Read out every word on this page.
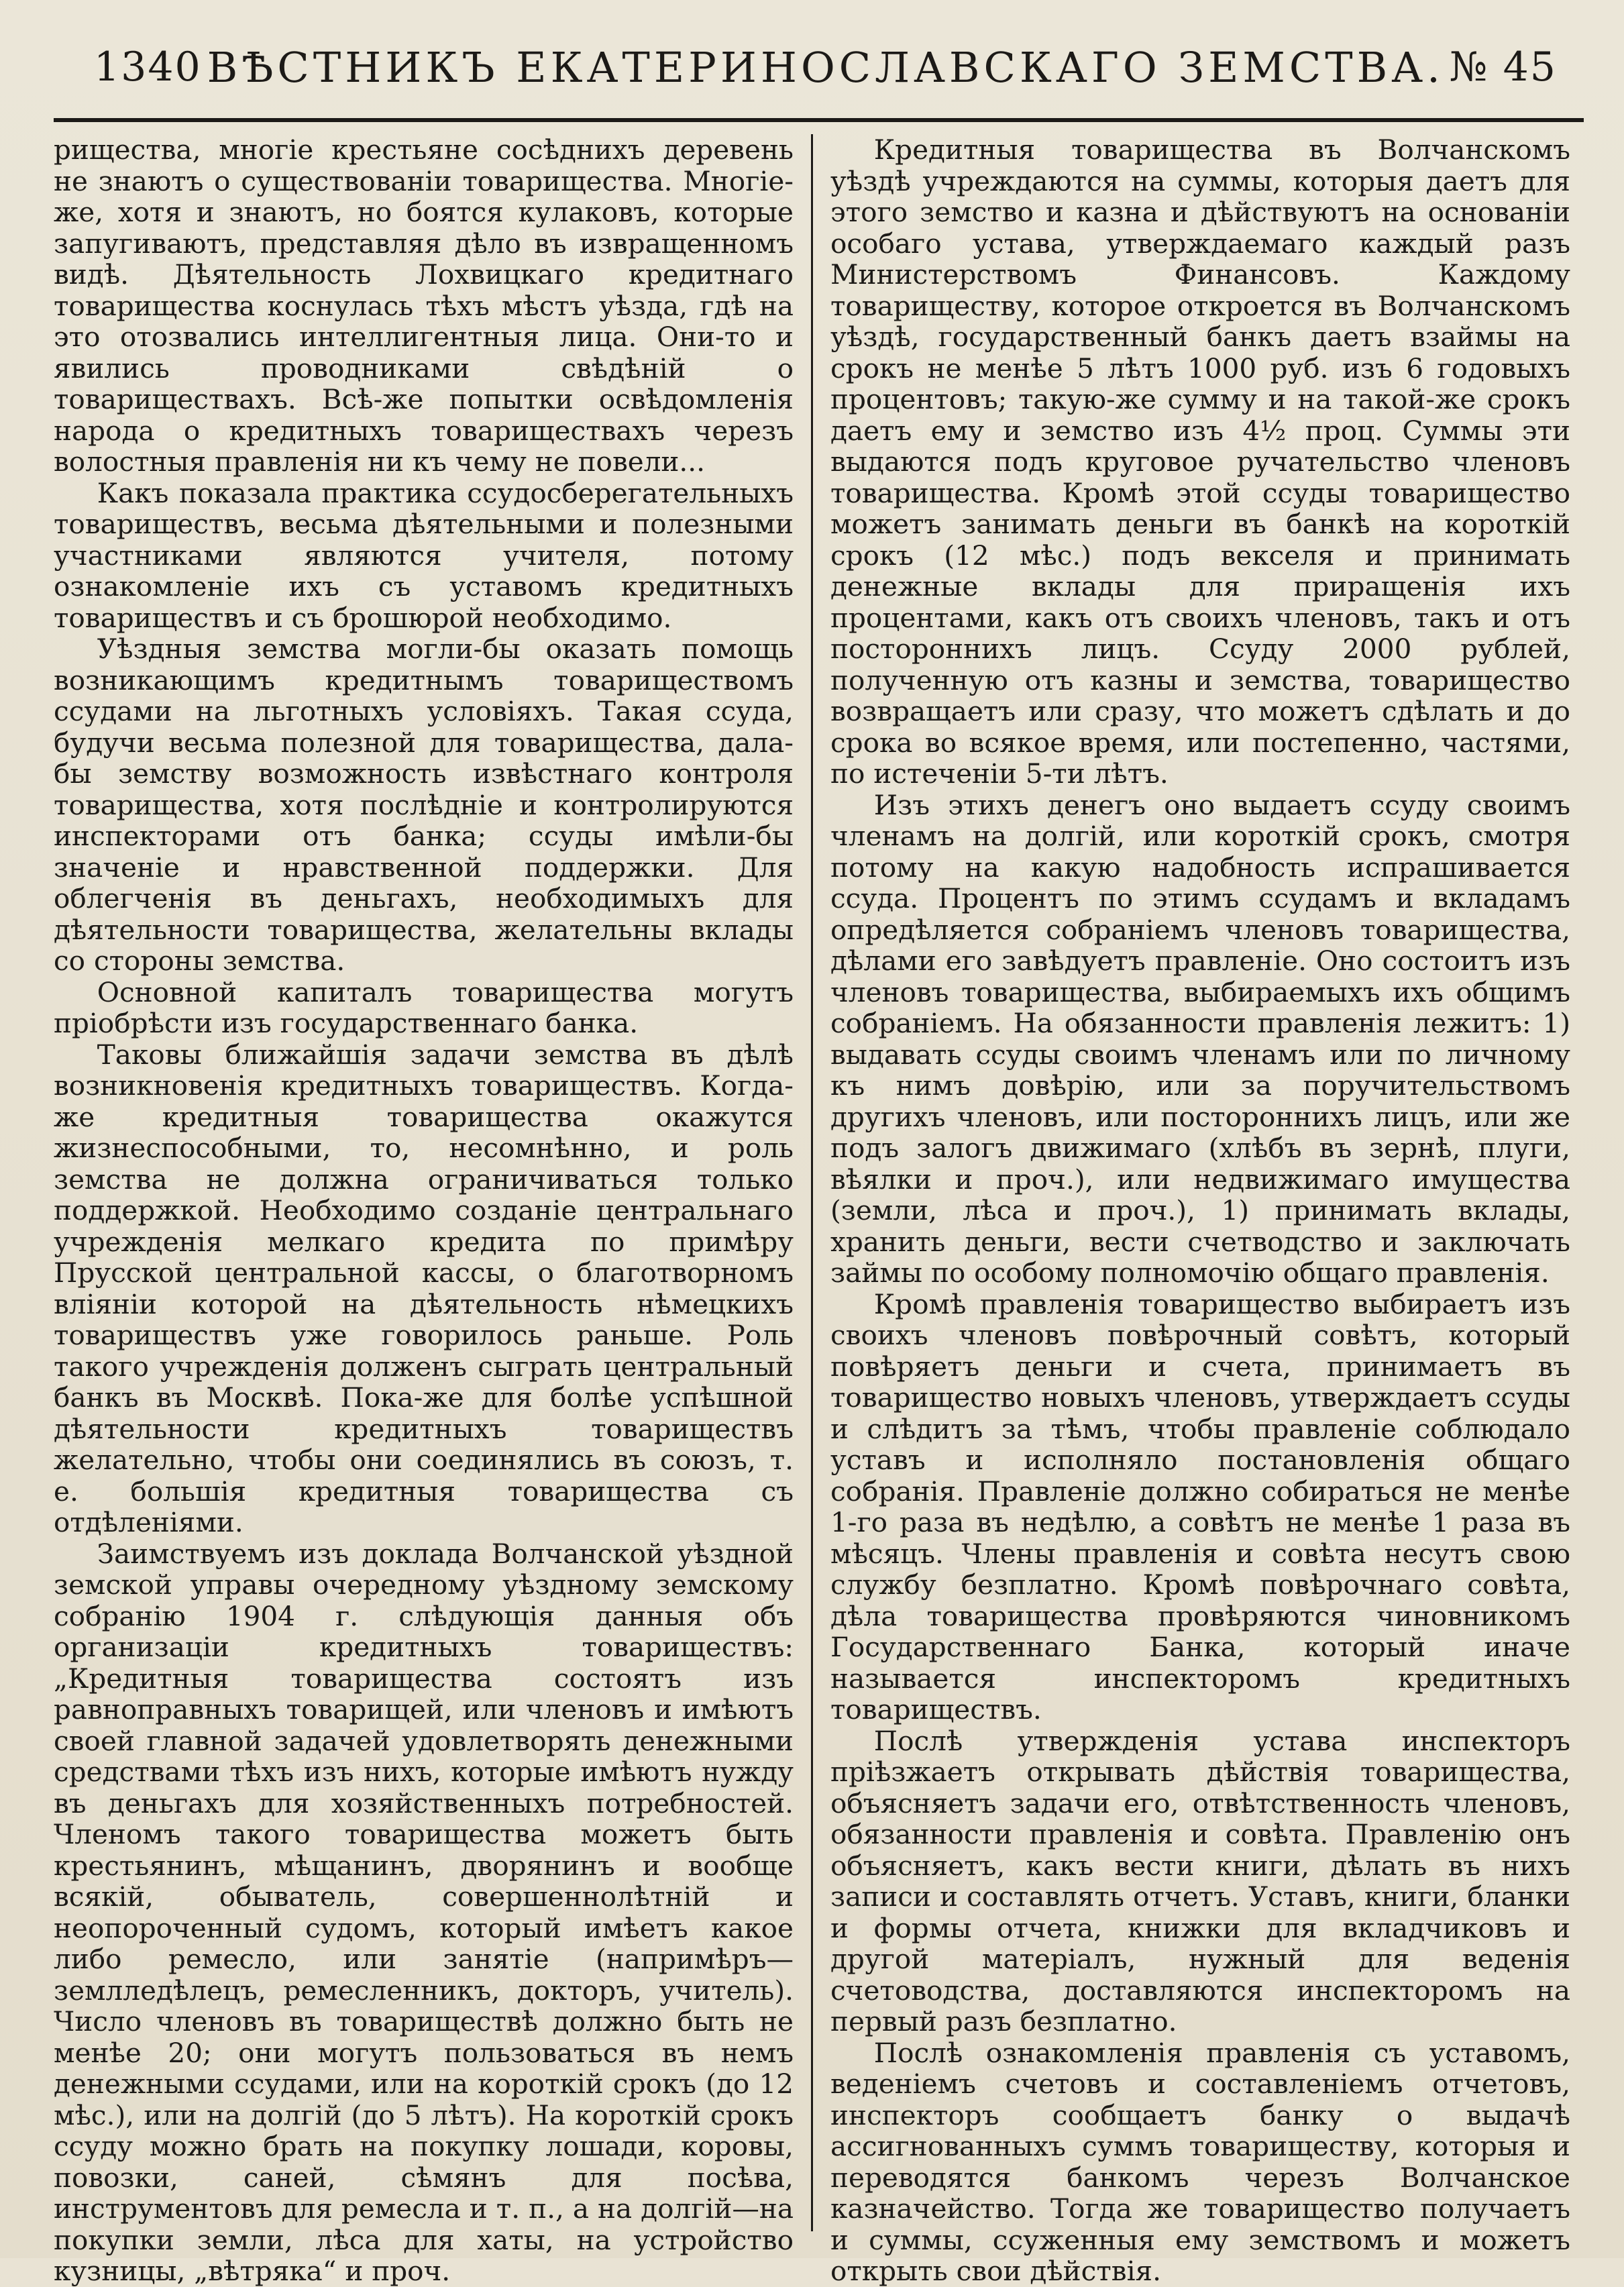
1340 ВѢСТНИКЪ ЕКАТЕРИНОСЛАВСКАГО ЗЕМСТВА. № 45

рищества, многіе крестьяне сосѣднихъ деревень не знаютъ о существованіи товарищества. Многіе-же, хотя и знаютъ, но боятся кулаковъ, которые запугиваютъ, представляя дѣло въ извращенномъ видѣ. Дѣятельность Лохвицкаго кредитнаго товарищества коснулась тѣхъ мѣстъ уѣзда, гдѣ на это отозвались интеллигентныя лица. Они-то и явились проводниками свѣдѣній о товариществахъ. Всѣ-же попытки освѣдомленія народа о кредитныхъ товариществахъ черезъ волостныя правленія ни къ чему не повели...

Какъ показала практика ссудосберегательныхъ товариществъ, весьма дѣятельными и полезными участниками являются учителя, потому ознакомленіе ихъ съ уставомъ кредитныхъ товариществъ и съ брошюрой необходимо.

Уѣздныя земства могли-бы оказать помощь возникающимъ кредитнымъ товариществомъ ссудами на льготныхъ условіяхъ. Такая ссуда, будучи весьма полезной для товарищества, дала-бы земству возможность извѣстнаго контроля товарищества, хотя послѣдніе и контролируются инспекторами отъ банка; ссуды имѣли-бы значеніе и нравственной поддержки. Для облегченія въ деньгахъ, необходимыхъ для дѣятельности товарищества, желательны вклады со стороны земства.

Основной капиталъ товарищества могутъ пріобрѣсти изъ государственнаго банка.

Таковы ближайшія задачи земства въ дѣлѣ возникновенія кредитныхъ товариществъ. Когда-же кредитныя товарищества окажутся жизнеспособными, то, несомнѣнно, и роль земства не должна ограничиваться только поддержкой. Необходимо созданіе центральнаго учрежденія мелкаго кредита по примѣру Прусской центральной кассы, о благотворномъ вліяніи которой на дѣятельность нѣмецкихъ товариществъ уже говорилось раньше. Роль такого учрежденія долженъ сыграть центральный банкъ въ Москвѣ. Пока-же для болѣе успѣшной дѣятельности кредитныхъ товариществъ желательно, чтобы они соединялись въ союзъ, т. е. большія кредитныя товарищества съ отдѣленіями.

Заимствуемъ изъ доклада Волчанской уѣздной земской управы очередному уѣздному земскому собранію 1904 г. слѣдующія данныя объ организаціи кредитныхъ товариществъ: „Кредитныя товарищества состоятъ изъ равноправныхъ товарищей, или членовъ и имѣютъ своей главной задачей удовлетворять денежными средствами тѣхъ изъ нихъ, которые имѣютъ нужду въ деньгахъ для хозяйственныхъ потребностей. Членомъ такого товарищества можетъ быть крестьянинъ, мѣщанинъ, дворянинъ и вообще всякій, обыватель, совершеннолѣтній и неопороченный судомъ, который имѣетъ какое либо ремесло, или занятіе (напримѣръ—землледѣлецъ, ремесленникъ, докторъ, учитель). Число членовъ въ товариществѣ должно быть не менѣе 20; они могутъ пользоваться въ немъ денежными ссудами, или на короткій срокъ (до 12 мѣс.), или на долгій (до 5 лѣтъ). На короткій срокъ ссуду можно брать на покупку лошади, коровы, повозки, саней, сѣмянъ для посѣва, инструментовъ для ремесла и т. п., а на долгій—на покупки земли, лѣса для хаты, на устройство кузницы, „вѣтряка“ и проч.

Кредитныя товарищества въ Волчанскомъ уѣздѣ учреждаются на суммы, которыя даетъ для этого земство и казна и дѣйствуютъ на основаніи особаго устава, утверждаемаго каждый разъ Министерствомъ Финансовъ. Каждому товариществу, которое откроется въ Волчанскомъ уѣздѣ, государственный банкъ даетъ взаймы на срокъ не менѣе 5 лѣтъ 1000 руб. изъ 6 годовыхъ процентовъ; такую-же сумму и на такой-же срокъ даетъ ему и земство изъ 4½ проц. Суммы эти выдаются подъ круговое ручательство членовъ товарищества. Кромѣ этой ссуды товарищество можетъ занимать деньги въ банкѣ на короткій срокъ (12 мѣс.) подъ векселя и принимать денежные вклады для приращенія ихъ процентами, какъ отъ своихъ членовъ, такъ и отъ постороннихъ лицъ. Ссуду 2000 рублей, полученную отъ казны и земства, товарищество возвращаетъ или сразу, что можетъ сдѣлать и до срока во всякое время, или постепенно, частями, по истеченіи 5-ти лѣтъ.

Изъ этихъ денегъ оно выдаетъ ссуду своимъ членамъ на долгій, или короткій срокъ, смотря потому на какую надобность испрашивается ссуда. Процентъ по этимъ ссудамъ и вкладамъ опредѣляется собраніемъ членовъ товарищества, дѣлами его завѣдуетъ правленіе. Оно состоитъ изъ членовъ товарищества, выбираемыхъ ихъ общимъ собраніемъ. На обязанности правленія лежитъ: 1) выдавать ссуды своимъ членамъ или по личному къ нимъ довѣрію, или за поручительствомъ другихъ членовъ, или постороннихъ лицъ, или же подъ залогъ движимаго (хлѣбъ въ зернѣ, плуги, вѣялки и проч.), или недвижимаго имущества (земли, лѣса и проч.), 1) принимать вклады, хранить деньги, вести счетводство и заключать займы по особому полномочію общаго правленія.

Кромѣ правленія товарищество выбираетъ изъ своихъ членовъ повѣрочный совѣтъ, который повѣряетъ деньги и счета, принимаетъ въ товарищество новыхъ членовъ, утверждаетъ ссуды и слѣдитъ за тѣмъ, чтобы правленіе соблюдало уставъ и исполняло постановленія общаго собранія. Правленіе должно собираться не менѣе 1-го раза въ недѣлю, а совѣтъ не менѣе 1 раза въ мѣсяцъ. Члены правленія и совѣта несутъ свою службу безплатно. Кромѣ повѣрочнаго совѣта, дѣла товарищества провѣряются чиновникомъ Государственнаго Банка, который иначе называется инспекторомъ кредитныхъ товариществъ.

Послѣ утвержденія устава инспекторъ пріѣзжаетъ открывать дѣйствія товарищества, объясняетъ задачи его, отвѣтственность членовъ, обязанности правленія и совѣта. Правленію онъ объясняетъ, какъ вести книги, дѣлать въ нихъ записи и составлять отчетъ. Уставъ, книги, бланки и формы отчета, книжки для вкладчиковъ и другой матеріалъ, нужный для веденія счетоводства, доставляются инспекторомъ на первый разъ безплатно.

Послѣ ознакомленія правленія съ уставомъ, веденіемъ счетовъ и составленіемъ отчетовъ, инспекторъ сообщаетъ банку о выдачѣ ассигнованныхъ суммъ товариществу, которыя и переводятся банкомъ черезъ Волчанское казначейство. Тогда же товарищество получаетъ и суммы, ссуженныя ему земствомъ и можетъ открыть свои дѣйствія.
